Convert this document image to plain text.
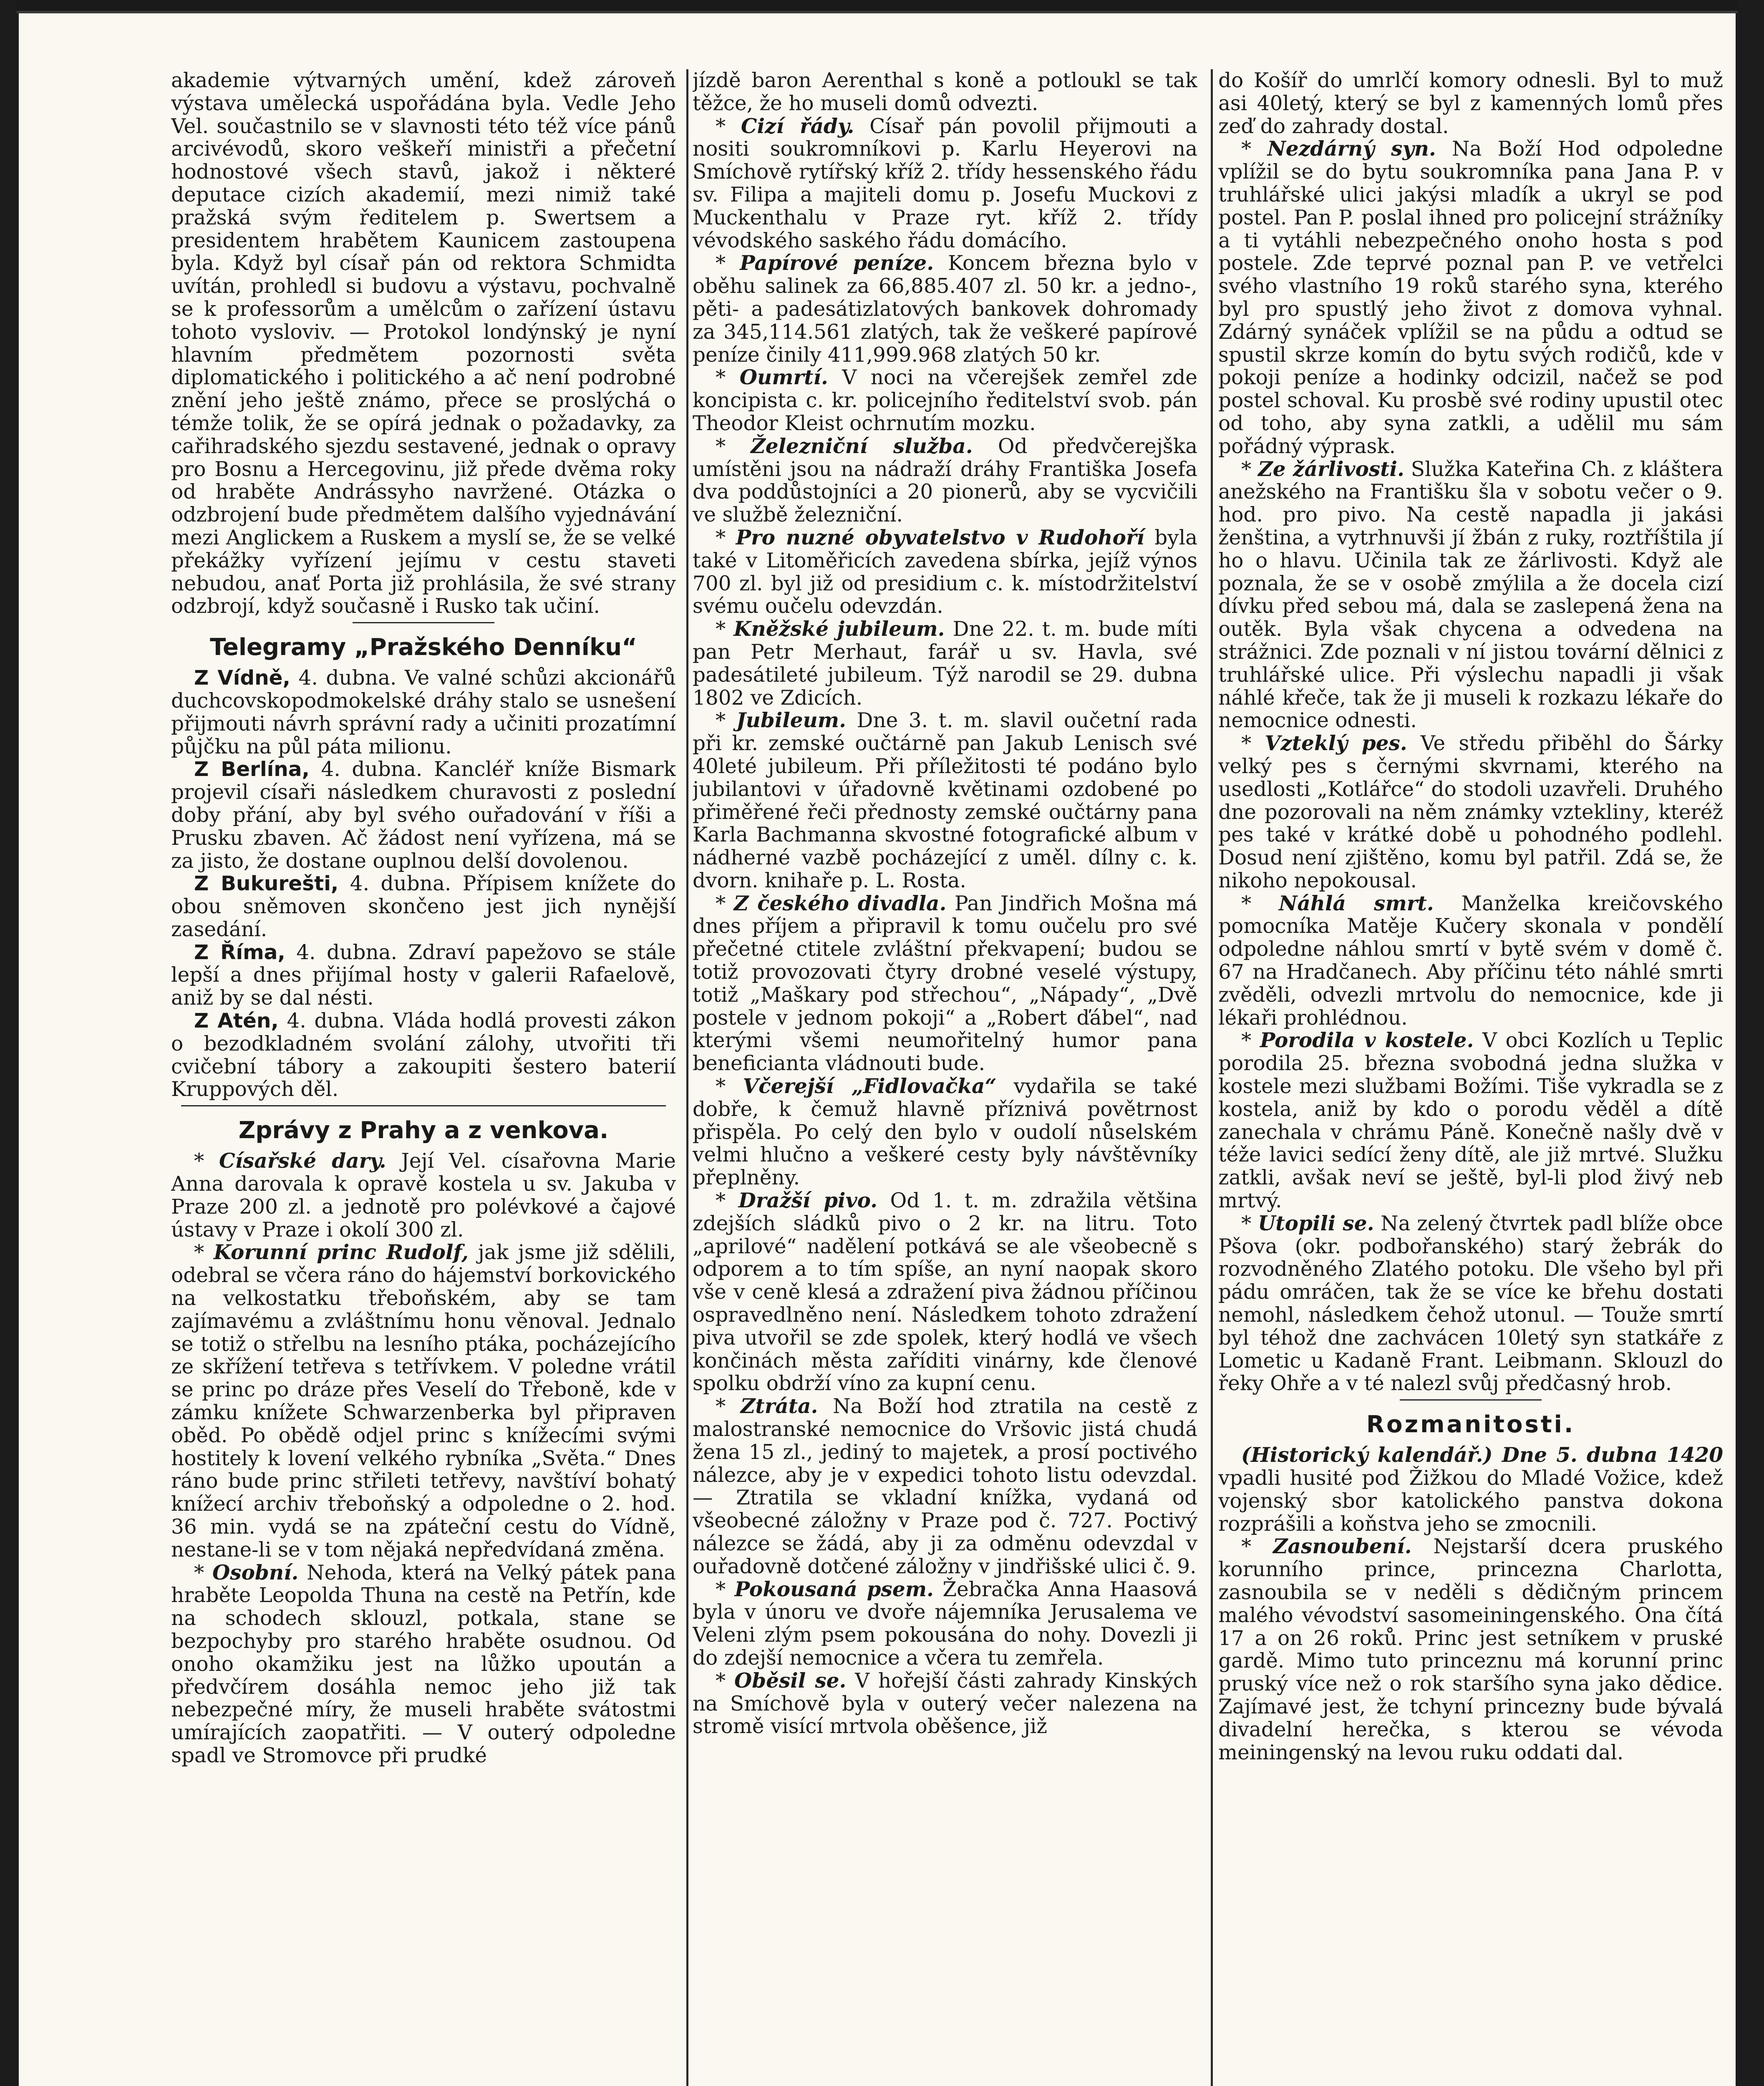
akademie výtvarných umění, kdež zároveň výstava umělecká uspořádána byla. Vedle Jeho Vel. součastnilo se v slavnosti této též více pánů arcivévodů, skoro veškeří ministři a přečetní hodnostové všech stavů, jakož i některé deputace cizích akademií, mezi nimiž také pražská svým ředitelem p. Swertsem a presidentem hrabětem Kaunicem zastoupena byla. Když byl císař pán od rektora Schmidta uvítán, prohledl si budovu a výstavu, pochvalně se k professorům a umělcům o zařízení ústavu tohoto vysloviv. — Protokol londýnský je nyní hlavním předmětem pozornosti světa diplomatického i politického a ač není podrobné znění jeho ještě známo, přece se proslýchá o témže tolik, že se opírá jednak o požadavky, za cařihradského sjezdu sestavené, jednak o opravy pro Bosnu a Hercegovinu, již přede dvěma roky od hraběte Andrássyho navržené. Otázka o odzbrojení bude předmětem dalšího vyjednávání mezi Anglickem a Ruskem a myslí se, že se velké překážky vyřízení jejímu v cestu staveti nebudou, anať Porta již prohlásila, že své strany odzbrojí, když současně i Rusko tak učiní.

Telegramy „Pražského Denníku“

Z Vídně, 4. dubna. Ve valné schůzi akcionářů duchcovskopodmokelské dráhy stalo se usnešení přijmouti návrh správní rady a učiniti prozatímní půjčku na půl páta milionu.

Z Berlína, 4. dubna. Kancléř kníže Bismark projevil císaři následkem churavosti z poslední doby přání, aby byl svého ouřadování v říši a Prusku zbaven. Ač žádost není vyřízena, má se za jisto, že dostane ouplnou delší dovolenou.

Z Bukurešti, 4. dubna. Přípisem knížete do obou sněmoven skončeno jest jich nynější zasedání.

Z Říma, 4. dubna. Zdraví papežovo se stále lepší a dnes přijímal hosty v galerii Rafaelově, aniž by se dal nésti.

Z Atén, 4. dubna. Vláda hodlá provesti zákon o bezodkladném svolání zálohy, utvořiti tři cvičební tábory a zakoupiti šestero baterií Kruppových děl.

Zprávy z Prahy a z venkova.

* Císařské dary. Její Vel. císařovna Marie Anna darovala k opravě kostela u sv. Jakuba v Praze 200 zl. a jednotě pro polévkové a čajové ústavy v Praze i okolí 300 zl.

* Korunní princ Rudolf, jak jsme již sdělili, odebral se včera ráno do hájemství borkovického na velkostatku třeboňském, aby se tam zajímavému a zvláštnímu honu věnoval. Jednalo se totiž o střelbu na lesního ptáka, pocházejícího ze skřížení tetřeva s tetřívkem. V poledne vrátil se princ po dráze přes Veselí do Třeboně, kde v zámku knížete Schwarzenberka byl připraven oběd. Po obědě odjel princ s knížecími svými hostitely k lovení velkého rybníka „Světa.“ Dnes ráno bude princ střileti tetřevy, navštíví bohatý knížecí archiv třeboňský a odpoledne o 2. hod. 36 min. vydá se na zpáteční cestu do Vídně, nestane-li se v tom nějaká nepředvídaná změna.

* Osobní. Nehoda, která na Velký pátek pana hraběte Leopolda Thuna na cestě na Petřín, kde na schodech sklouzl, potkala, stane se bezpochyby pro starého hraběte osudnou. Od onoho okamžiku jest na lůžko upoután a předvčírem dosáhla nemoc jeho již tak nebezpečné míry, že museli hraběte svátostmi umírajících zaopatřiti. — V outerý odpoledne spadl ve Stromovce při prudké

jízdě baron Aerenthal s koně a potloukl se tak těžce, že ho museli domů odvezti.

* Cizí řády. Císař pán povolil přijmouti a nositi soukromníkovi p. Karlu Heyerovi na Smíchově rytířský kříž 2. třídy hessenského řádu sv. Filipa a majiteli domu p. Josefu Muckovi z Muckenthalu v Praze ryt. kříž 2. třídy vévodského saského řádu domácího.

* Papírové peníze. Koncem března bylo v oběhu salinek za 66,885.407 zl. 50 kr. a jedno-, pěti- a padesátizlatových bankovek dohromady za 345,114.561 zlatých, tak že veškeré papírové peníze činily 411,999.968 zlatých 50 kr.

* Oumrtí. V noci na včerejšek zemřel zde koncipista c. kr. policejního ředitelství svob. pán Theodor Kleist ochrnutím mozku.

* Železniční služba. Od předvčerejška umístěni jsou na nádraží dráhy Františka Josefa dva poddůstojníci a 20 pionerů, aby se vycvičili ve službě železniční.

* Pro nuzné obyvatelstvo v Rudohoří byla také v Litoměřicích zavedena sbírka, jejíž výnos 700 zl. byl již od presidium c. k. místodržitelství svému oučelu odevzdán.

* Kněžské jubileum. Dne 22. t. m. bude míti pan Petr Merhaut, farář u sv. Havla, své padesátileté jubileum. Týž narodil se 29. dubna 1802 ve Zdicích.

* Jubileum. Dne 3. t. m. slavil oučetní rada při kr. zemské oučtárně pan Jakub Lenisch své 40leté jubileum. Při příležitosti té podáno bylo jubilantovi v úřadovně květinami ozdobené po přiměřené řeči přednosty zemské oučtárny pana Karla Bachmanna skvostné fotografické album v nádherné vazbě pocházející z uměl. dílny c. k. dvorn. knihaře p. L. Rosta.

* Z českého divadla. Pan Jindřich Mošna má dnes příjem a připravil k tomu oučelu pro své přečetné ctitele zvláštní překvapení; budou se totiž provozovati čtyry drobné veselé výstupy, totiž „Maškary pod střechou“, „Nápady“, „Dvě postele v jednom pokoji“ a „Robert ďábel“, nad kterými všemi neumořitelný humor pana beneficianta vládnouti bude.

* Včerejší „Fidlovačka“ vydařila se také dobře, k čemuž hlavně příznivá povětrnost přispěla. Po celý den bylo v oudolí nůselském velmi hlučno a veškeré cesty byly návštěvníky přeplněny.

* Dražší pivo. Od 1. t. m. zdražila většina zdejších sládků pivo o 2 kr. na litru. Toto „aprilové“ nadělení potkává se ale všeobecně s odporem a to tím spíše, an nyní naopak skoro vše v ceně klesá a zdražení piva žádnou příčinou ospravedlněno není. Následkem tohoto zdražení piva utvořil se zde spolek, který hodlá ve všech končinách města zaříditi vinárny, kde členové spolku obdrží víno za kupní cenu.

* Ztráta. Na Boží hod ztratila na cestě z malostranské nemocnice do Vršovic jistá chudá žena 15 zl., jediný to majetek, a prosí poctivého nálezce, aby je v expedici tohoto listu odevzdal. — Ztratila se vkladní knížka, vydaná od všeobecné záložny v Praze pod č. 727. Poctivý nálezce se žádá, aby ji za odměnu odevzdal v ouřadovně dotčené záložny v jindřišské ulici č. 9.

* Pokousaná psem. Žebračka Anna Haasová byla v únoru ve dvoře nájemníka Jerusalema ve Veleni zlým psem pokousána do nohy. Dovezli ji do zdejší nemocnice a včera tu zemřela.

* Oběsil se. V hořejší části zahrady Kinských na Smíchově byla v outerý večer nalezena na stromě visící mrtvola oběšence, již

do Košíř do umrlčí komory odnesli. Byl to muž asi 40letý, který se byl z kamenných lomů přes zeď do zahrady dostal.

* Nezdárný syn. Na Boží Hod odpoledne vplížil se do bytu soukromníka pana Jana P. v truhlářské ulici jakýsi mladík a ukryl se pod postel. Pan P. poslal ihned pro policejní strážníky a ti vytáhli nebezpečného onoho hosta s pod postele. Zde teprvé poznal pan P. ve vetřelci svého vlastního 19 roků starého syna, kterého byl pro spustlý jeho život z domova vyhnal. Zdárný synáček vplížil se na půdu a odtud se spustil skrze komín do bytu svých rodičů, kde v pokoji peníze a hodinky odcizil, načež se pod postel schoval. Ku prosbě své rodiny upustil otec od toho, aby syna zatkli, a udělil mu sám pořádný výprask.

* Ze žárlivosti. Služka Kateřina Ch. z kláštera anežského na Františku šla v sobotu večer o 9. hod. pro pivo. Na cestě napadla ji jakási ženština, a vytrhnuvši jí žbán z ruky, roztříštila jí ho o hlavu. Učinila tak ze žárlivosti. Když ale poznala, že se v osobě zmýlila a že docela cizí dívku před sebou má, dala se zaslepená žena na outěk. Byla však chycena a odvedena na strážnici. Zde poznali v ní jistou tovární dělnici z truhlářské ulice. Při výslechu napadli ji však náhlé křeče, tak že ji museli k rozkazu lékaře do nemocnice odnesti.

* Vzteklý pes. Ve středu přiběhl do Šárky velký pes s černými skvrnami, kterého na usedlosti „Kotlářce“ do stodoli uzavřeli. Druhého dne pozorovali na něm známky vzteklinу, kteréž pes také v krátké době u pohodného podlehl. Dosud není zjištěno, komu byl patřil. Zdá se, že nikoho nepokousal.

* Náhlá smrt. Manželka kreičovského pomocníka Matěje Kučery skonala v pondělí odpoledne náhlou smrtí v bytě svém v domě č. 67 na Hradčanech. Aby příčinu této náhlé smrti zvěděli, odvezli mrtvolu do nemocnice, kde ji lékaři prohlédnou.

* Porodila v kostele. V obci Kozlích u Teplic porodila 25. března svobodná jedna služka v kostele mezi službami Božími. Tiše vykradla se z kostela, aniž by kdo o porodu věděl a dítě zanechala v chrámu Páně. Konečně našly dvě v téže lavici sedící ženy dítě, ale již mrtvé. Služku zatkli, avšak neví se ještě, byl-li plod živý neb mrtvý.

* Utopili se. Na zelený čtvrtek padl blíže obce Pšova (okr. podbořanského) starý žebrák do rozvodněného Zlatého potoku. Dle všeho byl při pádu omráčen, tak že se více ke břehu dostati nemohl, následkem čehož utonul. — Touže smrtí byl téhož dne zachvácen 10letý syn statkáře z Lometic u Kadaně Frant. Leibmann. Sklouzl do řeky Ohře a v té nalezl svůj předčasný hrob.

Rozmanitosti.

(Historický kalendář.) Dne 5. dubna 1420 vpadli husité pod Žižkou do Mladé Vožice, kdež vojenský sbor katolického panstva dokona rozprášili a koňstva jeho se zmocnili.

* Zasnoubení. Nejstarší dcera pruského korunního prince, princezna Charlotta, zasnoubila se v neděli s dědičným princem malého vévodství sasomeiningenského. Ona čítá 17 a on 26 roků. Princ jest setníkem v pruské gardě. Mimo tuto princeznu má korunní princ pruský více než o rok staršího syna jako dědice. Zajímavé jest, že tchyní princezny bude bývalá divadelní herečka, s kterou se vévoda meiningenský na levou ruku oddati dal.
